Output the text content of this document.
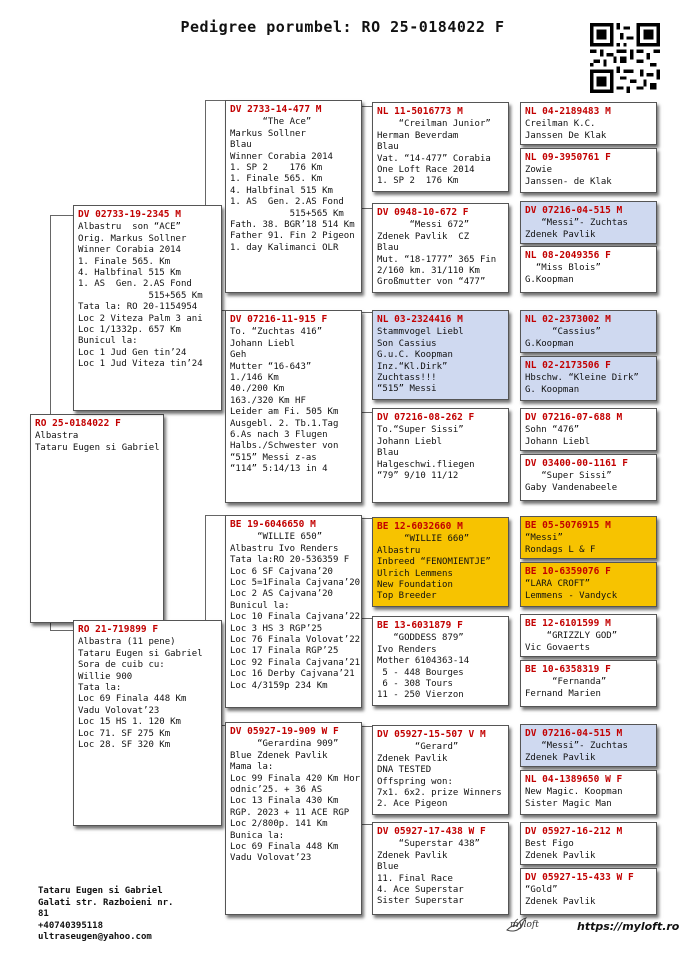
Pedigree porumbel: RO 25-0184022 F
RO 25-0184022 F
Albastra
Tataru Eugen si Gabriel
DV 02733-19-2345 M
Albastru  son “ACE”
Orig. Markus Sollner
Winner Corabia 2014
1. Finale 565. Km
4. Halbfinal 515 Km
1. AS  Gen. 2.AS Fond
515+565 Km
Tata la: RO 20-1154954
Loc 2 Viteza Palm 3 ani
Loc 1/1332p. 657 Km
Bunicul la:
Loc 1 Jud Gen tin’24
Loc 1 Jud Viteza tin’24
RO 21-719899 F
Albastra (11 pene)
Tataru Eugen si Gabriel
Sora de cuib cu:
Willie 900
Tata la:
Loc 69 Finala 448 Km
Vadu Volovat’23
Loc 15 HS 1. 120 Km
Loc 71. SF 275 Km
Loc 28. SF 320 Km
DV 2733-14-477 M
“The Ace”
Markus Sollner
Blau
Winner Corabia 2014
1. SP 2    176 Km
1. Finale 565. Km
4. Halbfinal 515 Km
1. AS  Gen. 2.AS Fond
515+565 Km
Fath. 38. BGR’18 514 Km
Father 91. Fin 2 Pigeon
1. day Kalimanci OLR
DV 07216-11-915 F
To. “Zuchtas 416”
Johann Liebl
Geh
Mutter “16-643”
1./146 Km
40./200 Km
163./320 Km HF
Leider am Fi. 505 Km
Ausgebl. 2. Tb.1.Tag
6.As nach 3 Flugen
Halbs./Schwester von
“515” Messi z-as
“114” 5:14/13 in 4
BE 19-6046650 M
“WILLIE 650”
Albastru Ivo Renders
Tata la:RO 20-536359 F
Loc 6 SF Cajvana’20
Loc 5=1Finala Cajvana’20
Loc 2 AS Cajvana’20
Bunicul la:
Loc 10 Finala Cajvana’22
Loc 3 HS 3 RGP’25
Loc 76 Finala Volovat’22
Loc 17 Finala RGP’25
Loc 92 Finala Cajvana’21
Loc 16 Derby Cajvana’21
Loc 4/3159p 234 Km
DV 05927-19-909 W F
“Gerardina 909”
Blue Zdenek Pavlik
Mama la:
Loc 99 Finala 420 Km Hor
odnic’25. + 36 AS
Loc 13 Finala 430 Km
RGP. 2023 + 11 ACE RGP
Loc 2/800p. 141 Km
Bunica la:
Loc 69 Finala 448 Km
Vadu Volovat’23
NL 11-5016773 M
“Creilman Junior”
Herman Beverdam
Blau
Vat. “14-477” Corabia
One Loft Race 2014
1. SP 2  176 Km
DV 0948-10-672 F
“Messi 672”
Zdenek Pavlik  CZ
Blau
Mut. “18-1777” 365 Fin
2/160 km. 31/110 Km
Großmutter von “477”
NL 03-2324416 M
Stammvogel Liebl
Son Cassius
G.u.C. Koopman
Inz.“Kl.Dirk”
Zuchtass!!!
“515” Messi
DV 07216-08-262 F
To.“Super Sissi”
Johann Liebl
Blau
Halgeschwi.fliegen
“79” 9/10 11/12
BE 12-6032660 M
“WILLIE 660”
Albastru
Inbreed “FENOMIENTJE”
Ulrich Lemmens
New Foundation
Top Breeder
BE 13-6031879 F
“GODDESS 879”
Ivo Renders
Mother 6104363-14
5 - 448 Bourges
6 - 308 Tours
11 - 250 Vierzon
DV 05927-15-507 V M
“Gerard”
Zdenek Pavlik
DNA TESTED
Offspring won:
7x1. 6x2. prize Winners
2. Ace Pigeon
DV 05927-17-438 W F
“Superstar 438”
Zdenek Pavlik
Blue
11. Final Race
4. Ace Superstar
Sister Superstar
NL 04-2189483 M
Creilman K.C.
Janssen De Klak
NL 09-3950761 F
Zowie
Janssen- de Klak
DV 07216-04-515 M
“Messi”- Zuchtas
Zdenek Pavlik
NL 08-2049356 F
“Miss Blois”
G.Koopman
NL 02-2373002 M
“Cassius”
G.Koopman
NL 02-2173506 F
Hbschw. “Kleine Dirk”
G. Koopman
DV 07216-07-688 M
Sohn “476”
Johann Liebl
DV 03400-00-1161 F
“Super Sissi”
Gaby Vandenabeele
BE 05-5076915 M
“Messi”
Rondags L & F
BE 10-6359076 F
“LARA CROFT”
Lemmens - Vandyck
BE 12-6101599 M
“GRIZZLY GOD”
Vic Govaerts
BE 10-6358319 F
“Fernanda”
Fernand Marien
DV 07216-04-515 M
“Messi”- Zuchtas
Zdenek Pavlik
NL 04-1389650 W F
New Magic. Koopman
Sister Magic Man
DV 05927-16-212 M
Best Figo
Zdenek Pavlik
DV 05927-15-433 W F
“Gold”
Zdenek Pavlik
Tataru Eugen si Gabriel
Galati str. Razboieni nr.
81
+40740395118
ultraseugen@yahoo.com
myloft	https://myloft.ro
